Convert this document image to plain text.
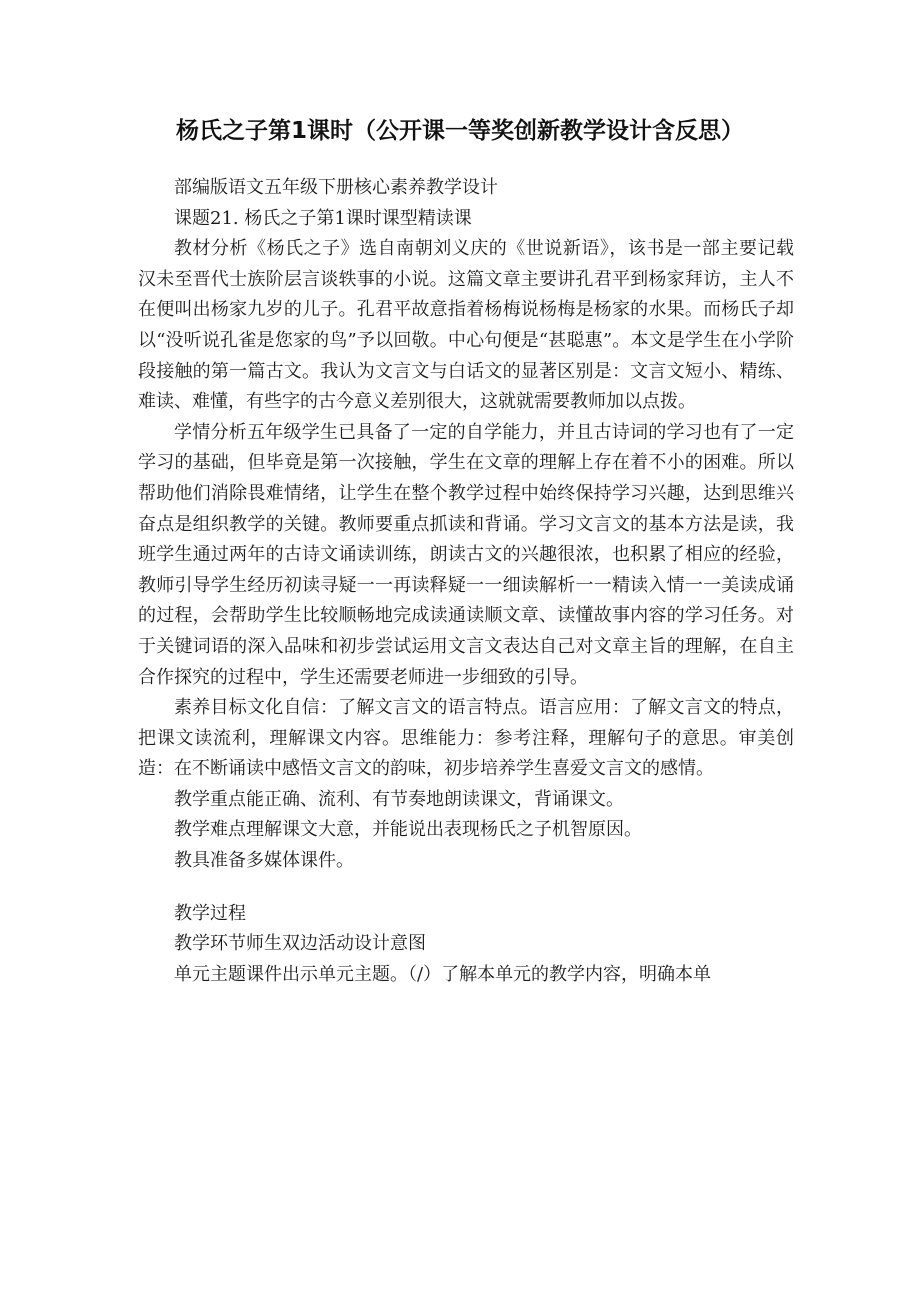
杨氏之子第1课时（公开课一等奖创新教学设计含反思）

部编版语文五年级下册核心素养教学设计

课题21. 杨氏之子第1课时课型精读课

教材分析《杨氏之子》选自南朝刘义庆的《世说新语》，该书是一部主要记载汉未至晋代士族阶层言谈轶事的小说。这篇文章主要讲孔君平到杨家拜访，主人不在便叫出杨家九岁的儿子。孔君平故意指着杨梅说杨梅是杨家的水果。而杨氏子却以“没听说孔雀是您家的鸟”予以回敬。中心句便是“甚聪惠”。本文是学生在小学阶段接触的第一篇古文。我认为文言文与白话文的显著区别是：文言文短小、精练、难读、难懂，有些字的古今意义差别很大，这就就需要教师加以点拨。

学情分析五年级学生已具备了一定的自学能力，并且古诗词的学习也有了一定学习的基础，但毕竟是第一次接触，学生在文章的理解上存在着不小的困难。所以帮助他们消除畏难情绪，让学生在整个教学过程中始终保持学习兴趣，达到思维兴奋点是组织教学的关键。教师要重点抓读和背诵。学习文言文的基本方法是读，我班学生通过两年的古诗文诵读训练，朗读古文的兴趣很浓，也积累了相应的经验，教师引导学生经历初读寻疑一一再读释疑一一细读解析一一精读入情一一美读成诵的过程，会帮助学生比较顺畅地完成读通读顺文章、读懂故事内容的学习任务。对于关键词语的深入品味和初步尝试运用文言文表达自己对文章主旨的理解，在自主合作探究的过程中，学生还需要老师进一步细致的引导。

素养目标文化自信：了解文言文的语言特点。语言应用：了解文言文的特点，把课文读流利，理解课文内容。思维能力：参考注释，理解句子的意思。审美创造：在不断诵读中感悟文言文的韵味，初步培养学生喜爱文言文的感情。

教学重点能正确、流利、有节奏地朗读课文，背诵课文。

教学难点理解课文大意，并能说出表现杨氏之子机智原因。

教具准备多媒体课件。

教学过程

教学环节师生双边活动设计意图

单元主题课件出示单元主题。（/）了解本单元的教学内容，明确本单
